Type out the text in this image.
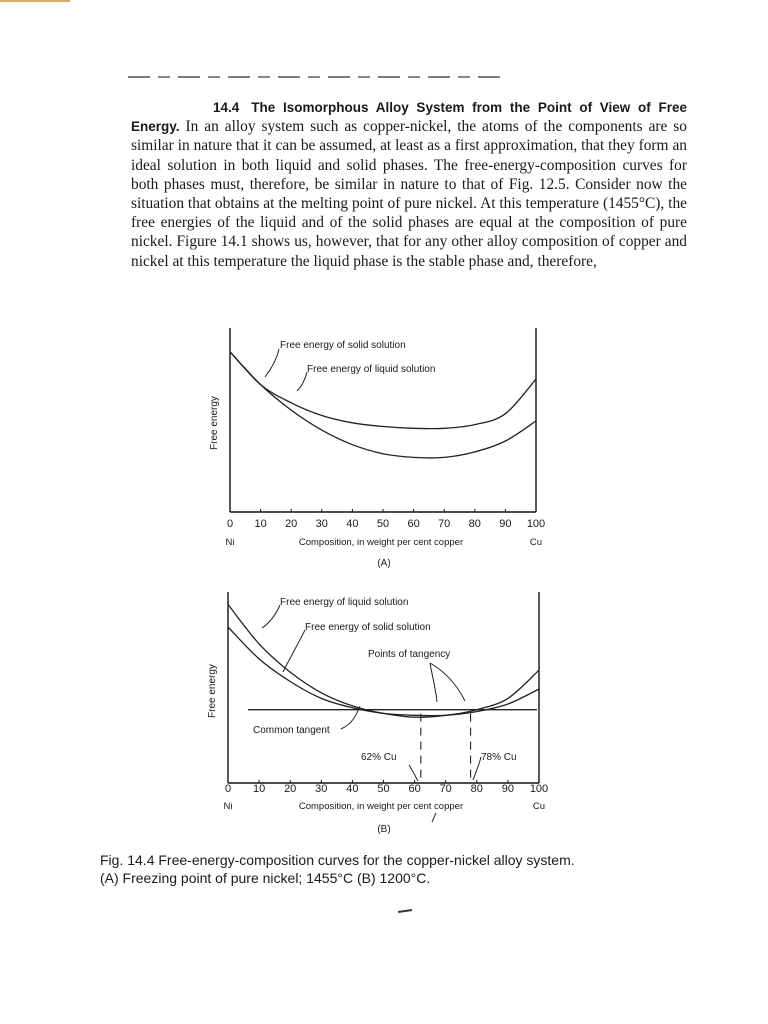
14.4 The Isomorphous Alloy System from the Point of View of Free Energy. In an alloy system such as copper-nickel, the atoms of the components are so similar in nature that it can be assumed, at least as a first approximation, that they form an ideal solution in both liquid and solid phases. The free-energy-composition curves for both phases must, therefore, be similar in nature to that of Fig. 12.5. Consider now the situation that obtains at the melting point of pure nickel. At this temperature (1455°C), the free energies of the liquid and of the solid phases are equal at the composition of pure nickel. Figure 14.1 shows us, however, that for any other alloy composition of copper and nickel at this temperature the liquid phase is the stable phase and, therefore,

0 10 20 30 40 50 60 70 80 90 100
Free energy of solid solution
Free energy of liquid solution
Free energy
Composition, in weight per cent copper
Ni	Cu
(A)
0 10 20 30 40 50 60 70 80 90 100
Free energy of liquid solution
Free energy of solid solution
Points of tangency
Common tangent
62% Cu	78% Cu
Free energy
Composition, in weight per cent copper
Ni	Cu
(B)
Fig. 14.4 Free-energy-composition curves for the copper-nickel alloy system.
(A) Freezing point of pure nickel; 1455°C (B) 1200°C.
